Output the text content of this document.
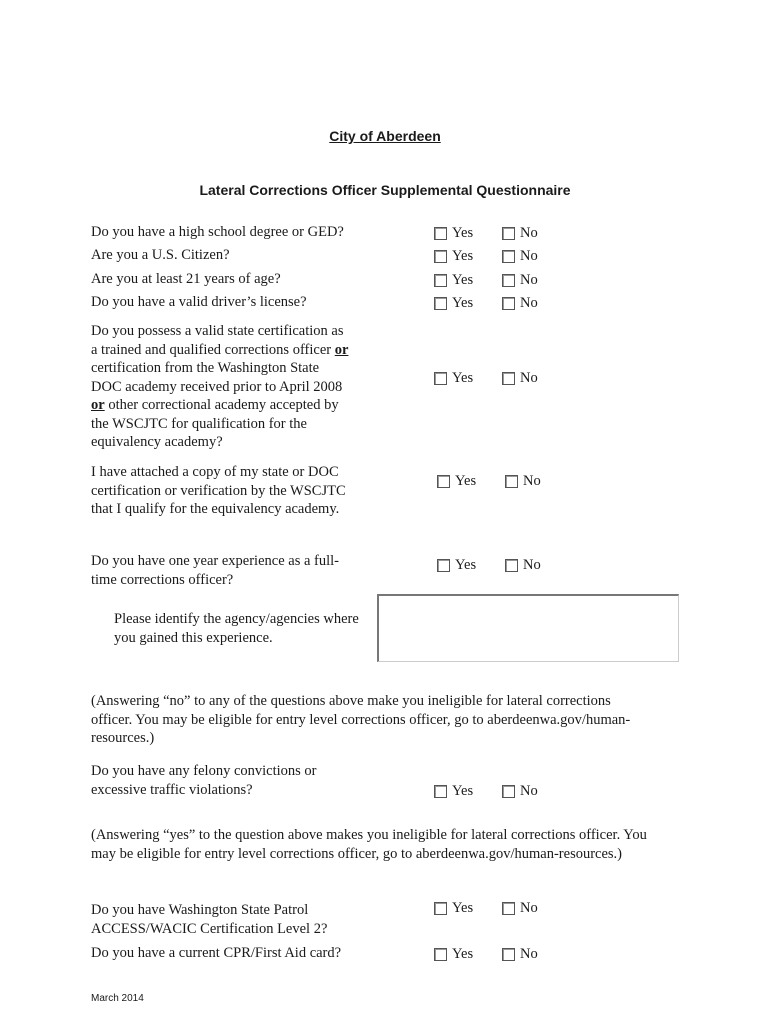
City of Aberdeen
Lateral Corrections Officer Supplemental Questionnaire
Do you have a high school degree or GED?	Yes	No
Are you a U.S. Citizen?	Yes	No
Are you at least 21 years of age?	Yes	No
Do you have a valid driver’s license?	Yes	No
Do you possess a valid state certification as
a trained and qualified corrections officer or
certification from the Washington State
DOC academy received prior to April 2008
or other correctional academy accepted by
the WSCJTC for qualification for the
equivalency academy?
Yes	No
I have attached a copy of my state or DOC
certification or verification by the WSCJTC
that I qualify for the equivalency academy.
Yes	No
Do you have one year experience as a full-
time corrections officer?
Yes	No
Please identify the agency/agencies where
you gained this experience.
(Answering “no” to any of the questions above make you ineligible for lateral corrections
officer. You may be eligible for entry level corrections officer, go to aberdeenwa.gov/human-
resources.)
Do you have any felony convictions or
excessive traffic violations?	Yes	No
(Answering “yes” to the question above makes you ineligible for lateral corrections officer. You
may be eligible for entry level corrections officer, go to aberdeenwa.gov/human-resources.)
Do you have Washington State Patrol
ACCESS/WACIC Certification Level 2?
Yes	No
Do you have a current CPR/First Aid card?	Yes	No
March 2014
